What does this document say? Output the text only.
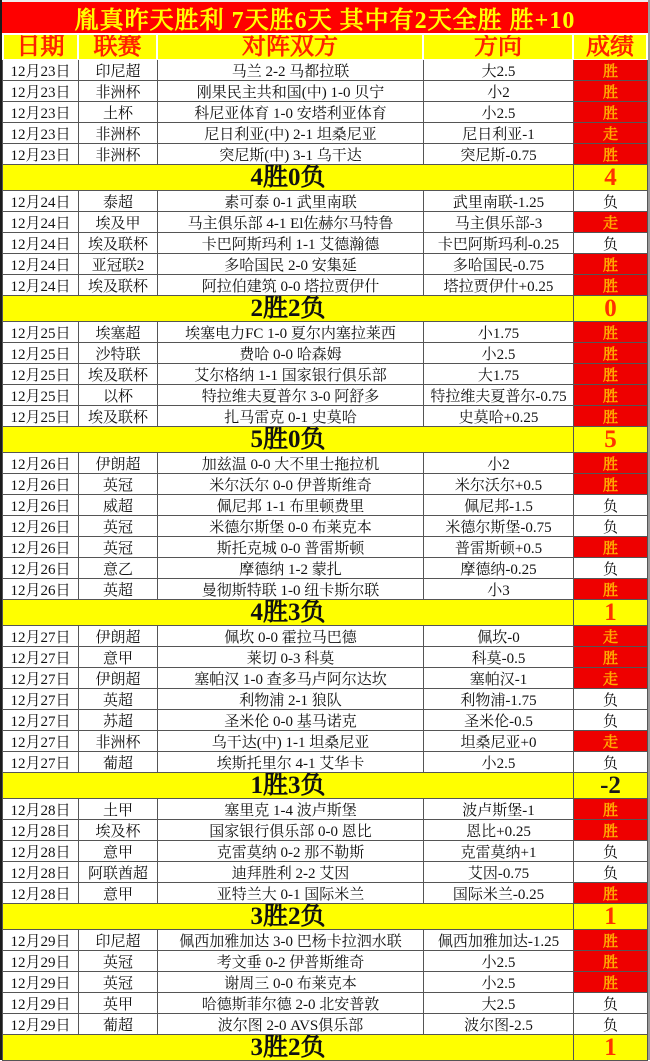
胤真昨天胜利 7天胜6天 其中有2天全胜 胜+10
日期	联赛	对阵双方	方向	成绩
12月23日	印尼超	马兰 2-2 马都拉联	大2.5	胜
12月23日	非洲杯	刚果民主共和国(中) 1-0 贝宁	小2	胜
12月23日	土杯	科尼亚体育 1-0 安塔利亚体育	小2.5	胜
12月23日	非洲杯	尼日利亚(中) 2-1 坦桑尼亚	尼日利亚-1	走
12月23日	非洲杯	突尼斯(中) 3-1 乌干达	突尼斯-0.75	胜
4胜0负	4
12月24日	泰超	素可泰 0-1 武里南联	武里南联-1.25	负
12月24日	埃及甲	马主俱乐部 4-1 El佐赫尔马特鲁	马主俱乐部-3	走
12月24日	埃及联杯	卡巴阿斯玛利 1-1 艾德瀚德	卡巴阿斯玛利-0.25	负
12月24日	亚冠联2	多哈国民 2-0 安集延	多哈国民-0.75	胜
12月24日	埃及联杯	阿拉伯建筑 0-0 塔拉贾伊什	塔拉贾伊什+0.25	胜
2胜2负	0
12月25日	埃塞超	埃塞电力FC 1-0 夏尔内塞拉莱西	小1.75	胜
12月25日	沙特联	费哈 0-0 哈森姆	小2.5	胜
12月25日	埃及联杯	艾尔格纳 1-1 国家银行俱乐部	大1.75	胜
12月25日	以杯	特拉维夫夏普尔 3-0 阿舒多	特拉维夫夏普尔-0.75	胜
12月25日	埃及联杯	扎马雷克 0-1 史莫哈	史莫哈+0.25	胜
5胜0负	5
12月26日	伊朗超	加兹温 0-0 大不里士拖拉机	小2	胜
12月26日	英冠	米尔沃尔 0-0 伊普斯维奇	米尔沃尔+0.5	胜
12月26日	威超	佩尼邦 1-1 布里顿费里	佩尼邦-1.5	负
12月26日	英冠	米德尔斯堡 0-0 布莱克本	米德尔斯堡-0.75	负
12月26日	英冠	斯托克城 0-0 普雷斯顿	普雷斯顿+0.5	胜
12月26日	意乙	摩德纳 1-2 蒙扎	摩德纳-0.25	负
12月26日	英超	曼彻斯特联 1-0 纽卡斯尔联	小3	胜
4胜3负	1
12月27日	伊朗超	佩坎 0-0 霍拉马巴德	佩坎-0	走
12月27日	意甲	莱切 0-3 科莫	科莫-0.5	胜
12月27日	伊朗超	塞帕汉 1-0 查多马卢阿尔达坎	塞帕汉-1	走
12月27日	英超	利物浦 2-1 狼队	利物浦-1.75	负
12月27日	苏超	圣米伦 0-0 基马诺克	圣米伦-0.5	负
12月27日	非洲杯	乌干达(中) 1-1 坦桑尼亚	坦桑尼亚+0	走
12月27日	葡超	埃斯托里尔 4-1 艾华卡	小2.5	负
1胜3负	-2
12月28日	土甲	塞里克 1-4 波卢斯堡	波卢斯堡-1	胜
12月28日	埃及杯	国家银行俱乐部 0-0 恩比	恩比+0.25	胜
12月28日	意甲	克雷莫纳 0-2 那不勒斯	克雷莫纳+1	负
12月28日	阿联酋超	迪拜胜利 2-2 艾因	艾因-0.75	负
12月28日	意甲	亚特兰大 0-1 国际米兰	国际米兰-0.25	胜
3胜2负	1
12月29日	印尼超	佩西加雅加达 3-0 巴杨卡拉泗水联	佩西加雅加达-1.25	胜
12月29日	英冠	考文垂 0-2 伊普斯维奇	小2.5	胜
12月29日	英冠	谢周三 0-0 布莱克本	小2.5	胜
12月29日	英甲	哈德斯菲尔德 2-0 北安普敦	大2.5	负
12月29日	葡超	波尔图 2-0 AVS俱乐部	波尔图-2.5	负
3胜2负	1
